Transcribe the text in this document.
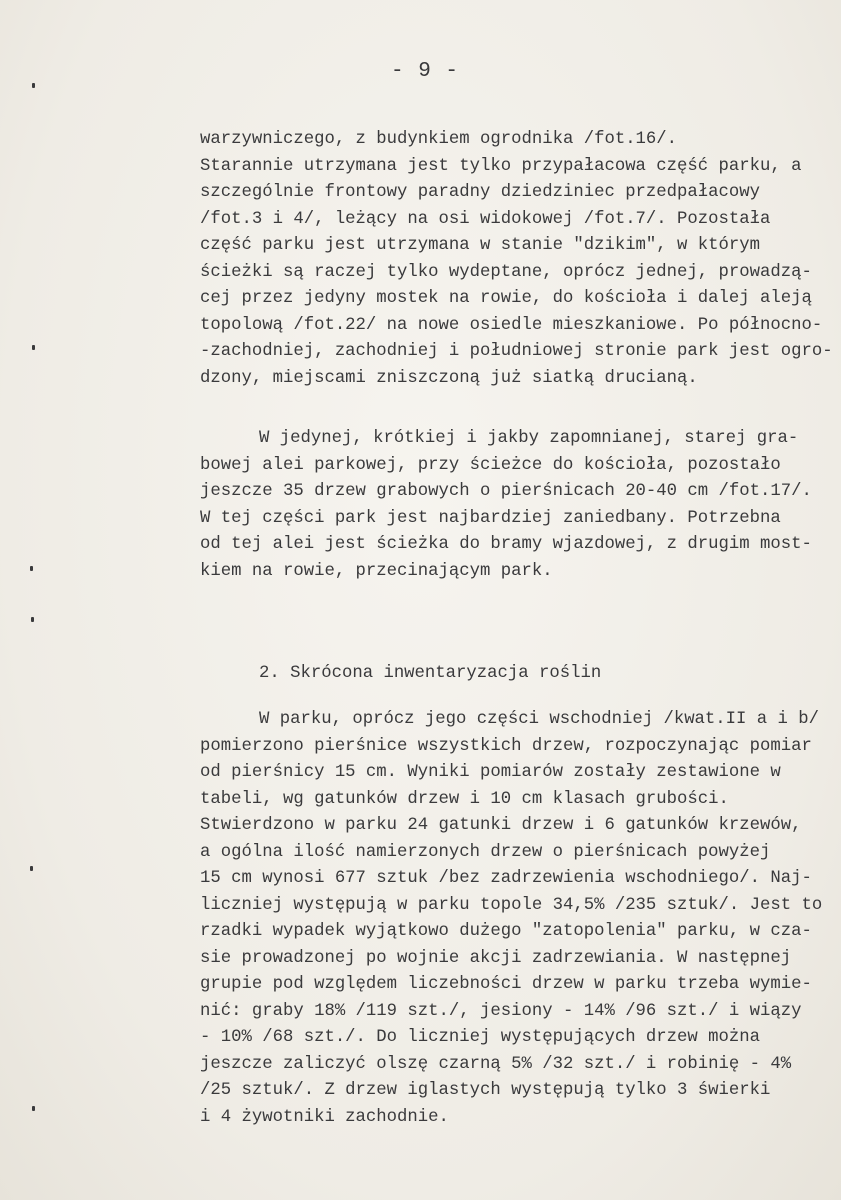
- 9 -
warzywniczego, z budynkiem ogrodnika /fot.16/.
Starannie utrzymana jest tylko przypałacowa część parku, a
szczególnie frontowy paradny dziedziniec przedpałacowy
/fot.3 i 4/, leżący na osi widokowej /fot.7/. Pozostała
część parku jest utrzymana w stanie "dzikim", w którym
ścieżki są raczej tylko wydeptane, oprócz jednej, prowadzą-
cej przez jedyny mostek na rowie, do kościoła i dalej aleją
topolową /fot.22/ na nowe osiedle mieszkaniowe. Po północno-
-zachodniej, zachodniej i południowej stronie park jest ogro-
dzony, miejscami zniszczoną już siatką drucianą.
W jedynej, krótkiej i jakby zapomnianej, starej gra-
bowej alei parkowej, przy ścieżce do kościoła, pozostało
jeszcze 35 drzew grabowych o pierśnicach 20-40 cm /fot.17/.
W tej części park jest najbardziej zaniedbany. Potrzebna
od tej alei jest ścieżka do bramy wjazdowej, z drugim most-
kiem na rowie, przecinającym park.
2. Skrócona inwentaryzacja roślin
W parku, oprócz jego części wschodniej /kwat.II a i b/
pomierzono pierśnice wszystkich drzew, rozpoczynając pomiar
od pierśnicy 15 cm. Wyniki pomiarów zostały zestawione w
tabeli, wg gatunków drzew i 10 cm klasach grubości.
Stwierdzono w parku 24 gatunki drzew i 6 gatunków krzewów,
a ogólna ilość namierzonych drzew o pierśnicach powyżej
15 cm wynosi 677 sztuk /bez zadrzewienia wschodniego/. Naj-
liczniej występują w parku topole 34,5% /235 sztuk/. Jest to
rzadki wypadek wyjątkowo dużego "zatopolenia" parku, w cza-
sie prowadzonej po wojnie akcji zadrzewiania. W następnej
grupie pod względem liczebności drzew w parku trzeba wymie-
nić: graby 18% /119 szt./, jesiony - 14% /96 szt./ i wiązy
- 10% /68 szt./. Do liczniej występujących drzew można
jeszcze zaliczyć olszę czarną 5% /32 szt./ i robinię - 4%
/25 sztuk/. Z drzew iglastych występują tylko 3 świerki
i 4 żywotniki zachodnie.
